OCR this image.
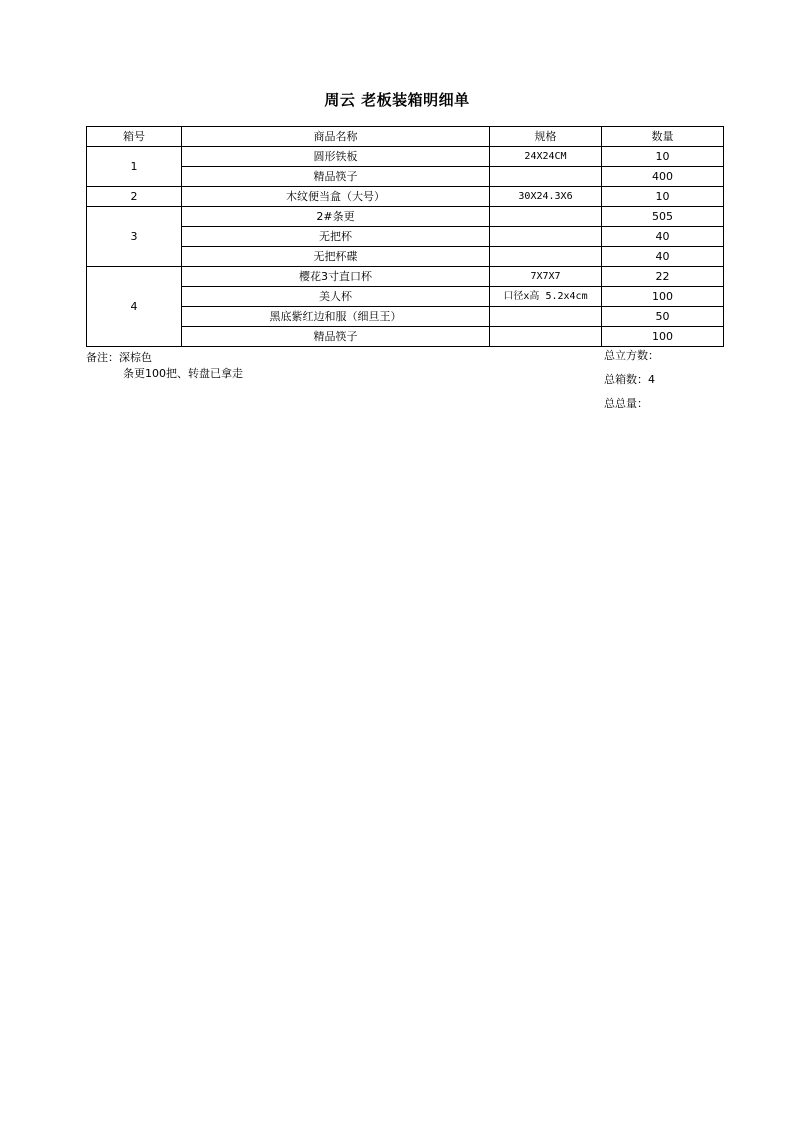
周云 老板装箱明细单
箱号	商品名称	规格	数量
1	圆形铁板	24X24CM	10
	精品筷子		400
2	木纹便当盒（大号）	30X24.3X6	10
3	2#条更		505
	无把杯		40
	无把杯碟		40
4	樱花3寸直口杯	7X7X7	22
	美人杯	口径x高 5.2x4cm	100
	黑底紫红边和服（细旦王）		50
	精品筷子		100
备注：深棕色
条更100把、转盘已拿走
总立方数：
总箱数：4
总总量：
